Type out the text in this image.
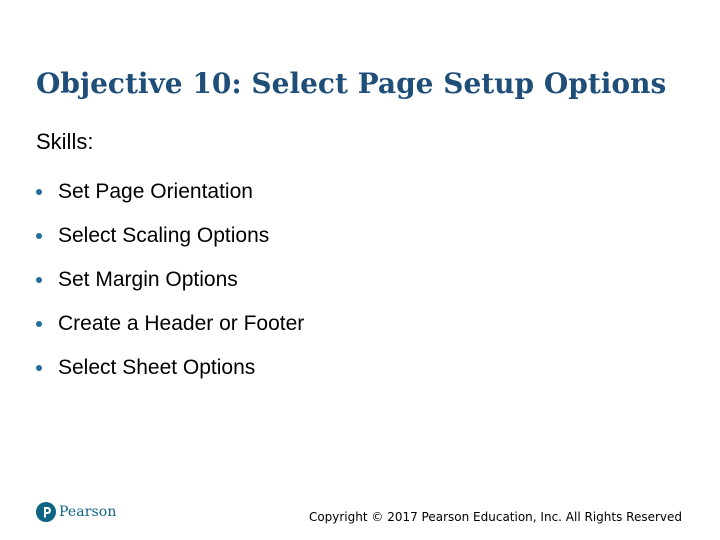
Objective 10: Select Page Setup Options
Skills:
Set Page Orientation
Select Scaling Options
Set Margin Options
Create a Header or Footer
Select Sheet Options
Pearson	Copyright © 2017 Pearson Education, Inc. All Rights Reserved
